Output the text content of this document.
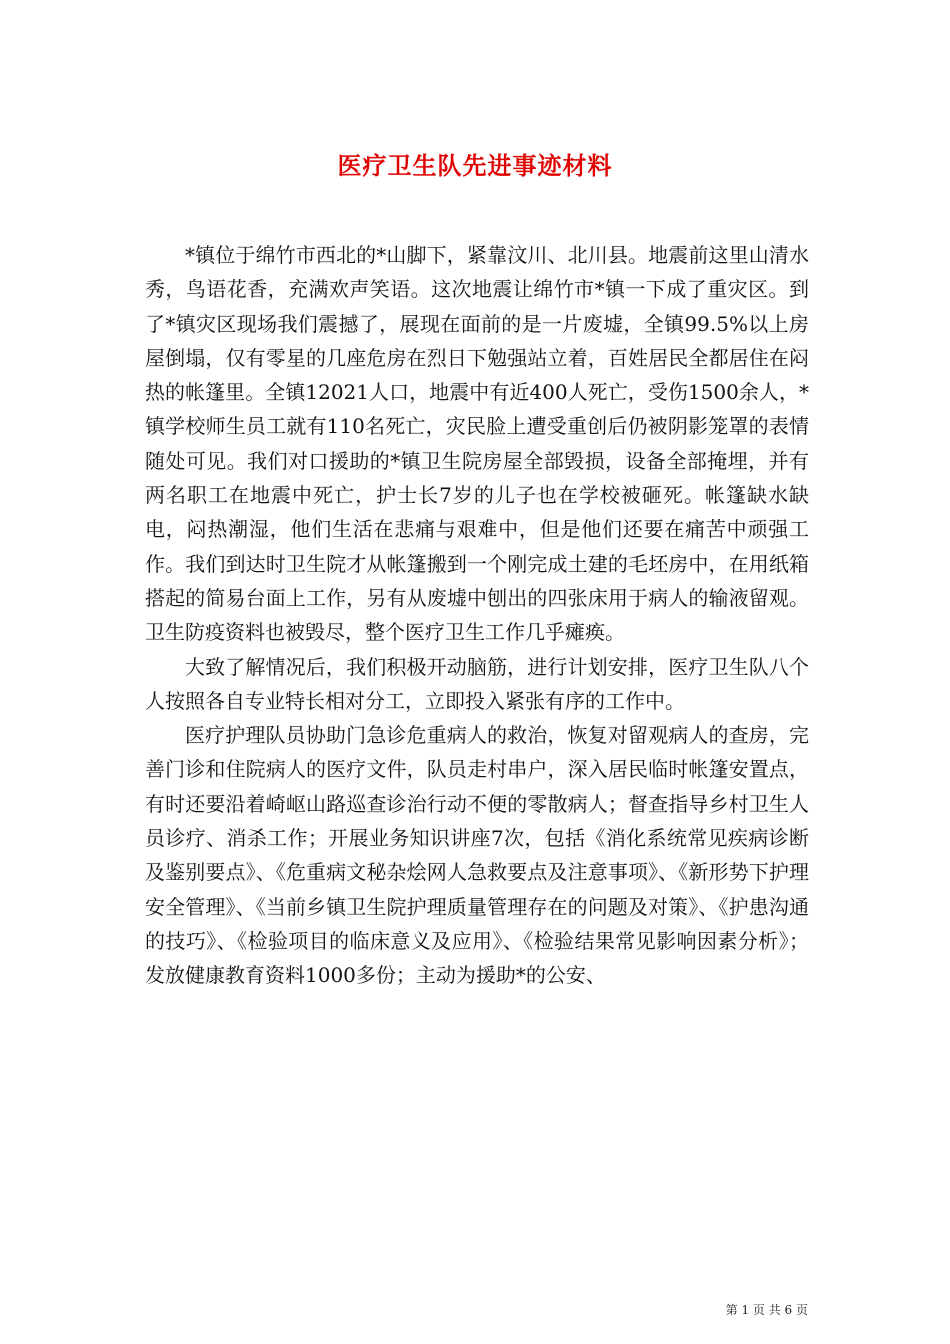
医疗卫生队先进事迹材料

*镇位于绵竹市西北的*山脚下，紧靠汶川、北川县。地震前这里山清水秀，鸟语花香，充满欢声笑语。这次地震让绵竹市*镇一下成了重灾区。到了*镇灾区现场我们震撼了，展现在面前的是一片废墟，全镇99.5%以上房屋倒塌，仅有零星的几座危房在烈日下勉强站立着，百姓居民全都居住在闷热的帐篷里。全镇12021人口，地震中有近400人死亡，受伤1500余人，*镇学校师生员工就有110名死亡，灾民脸上遭受重创后仍被阴影笼罩的表情随处可见。我们对口援助的*镇卫生院房屋全部毁损，设备全部掩埋，并有两名职工在地震中死亡，护士长7岁的儿子也在学校被砸死。帐篷缺水缺电，闷热潮湿，他们生活在悲痛与艰难中，但是他们还要在痛苦中顽强工作。我们到达时卫生院才从帐篷搬到一个刚完成土建的毛坯房中，在用纸箱搭起的简易台面上工作，另有从废墟中刨出的四张床用于病人的输液留观。卫生防疫资料也被毁尽，整个医疗卫生工作几乎瘫痪。

大致了解情况后，我们积极开动脑筋，进行计划安排，医疗卫生队八个人按照各自专业特长相对分工，立即投入紧张有序的工作中。

医疗护理队员协助门急诊危重病人的救治，恢复对留观病人的查房，完善门诊和住院病人的医疗文件，队员走村串户，深入居民临时帐篷安置点，有时还要沿着崎岖山路巡查诊治行动不便的零散病人；督查指导乡村卫生人员诊疗、消杀工作；开展业务知识讲座7次，包括《消化系统常见疾病诊断及鉴别要点》、《危重病文秘杂烩网人急救要点及注意事项》、《新形势下护理安全管理》、《当前乡镇卫生院护理质量管理存在的问题及对策》、《护患沟通的技巧》、《检验项目的临床意义及应用》、《检验结果常见影响因素分析》；发放健康教育资料1000多份；主动为援助*的公安、

第 1 页 共 6 页
